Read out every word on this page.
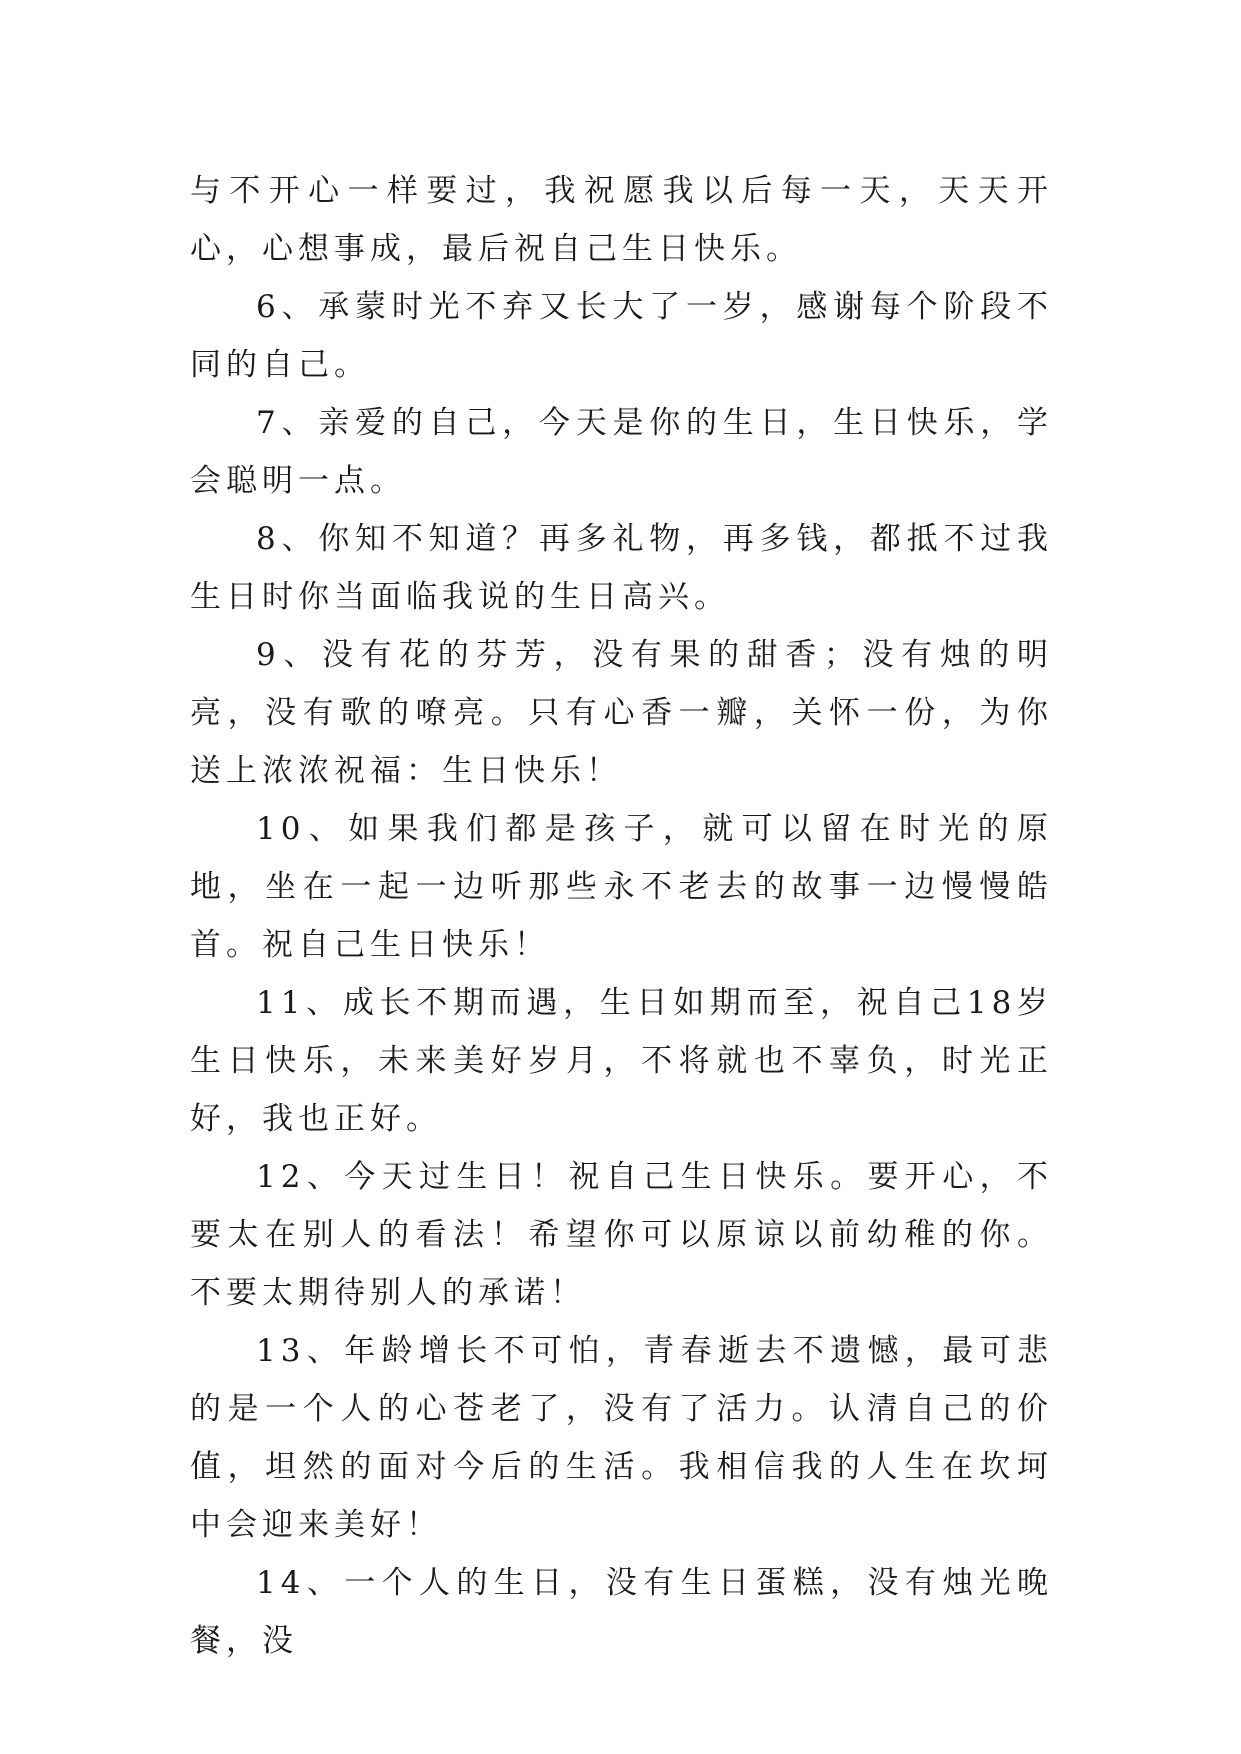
与不开心一样要过，我祝愿我以后每一天，天天开心，心想事成，最后祝自己生日快乐。

6、承蒙时光不弃又长大了一岁，感谢每个阶段不同的自己。

7、亲爱的自己，今天是你的生日，生日快乐，学会聪明一点。

8、你知不知道？再多礼物，再多钱，都抵不过我生日时你当面临我说的生日高兴。

9、没有花的芬芳，没有果的甜香；没有烛的明亮，没有歌的嘹亮。只有心香一瓣，关怀一份，为你送上浓浓祝福：生日快乐！

10、如果我们都是孩子，就可以留在时光的原地，坐在一起一边听那些永不老去的故事一边慢慢皓首。祝自己生日快乐！

11、成长不期而遇，生日如期而至，祝自己18岁生日快乐，未来美好岁月，不将就也不辜负，时光正好，我也正好。

12、今天过生日！祝自己生日快乐。要开心，不要太在别人的看法！希望你可以原谅以前幼稚的你。不要太期待别人的承诺！

13、年龄增长不可怕，青春逝去不遗憾，最可悲的是一个人的心苍老了，没有了活力。认清自己的价值，坦然的面对今后的生活。我相信我的人生在坎坷中会迎来美好！

14、一个人的生日，没有生日蛋糕，没有烛光晚餐，没
